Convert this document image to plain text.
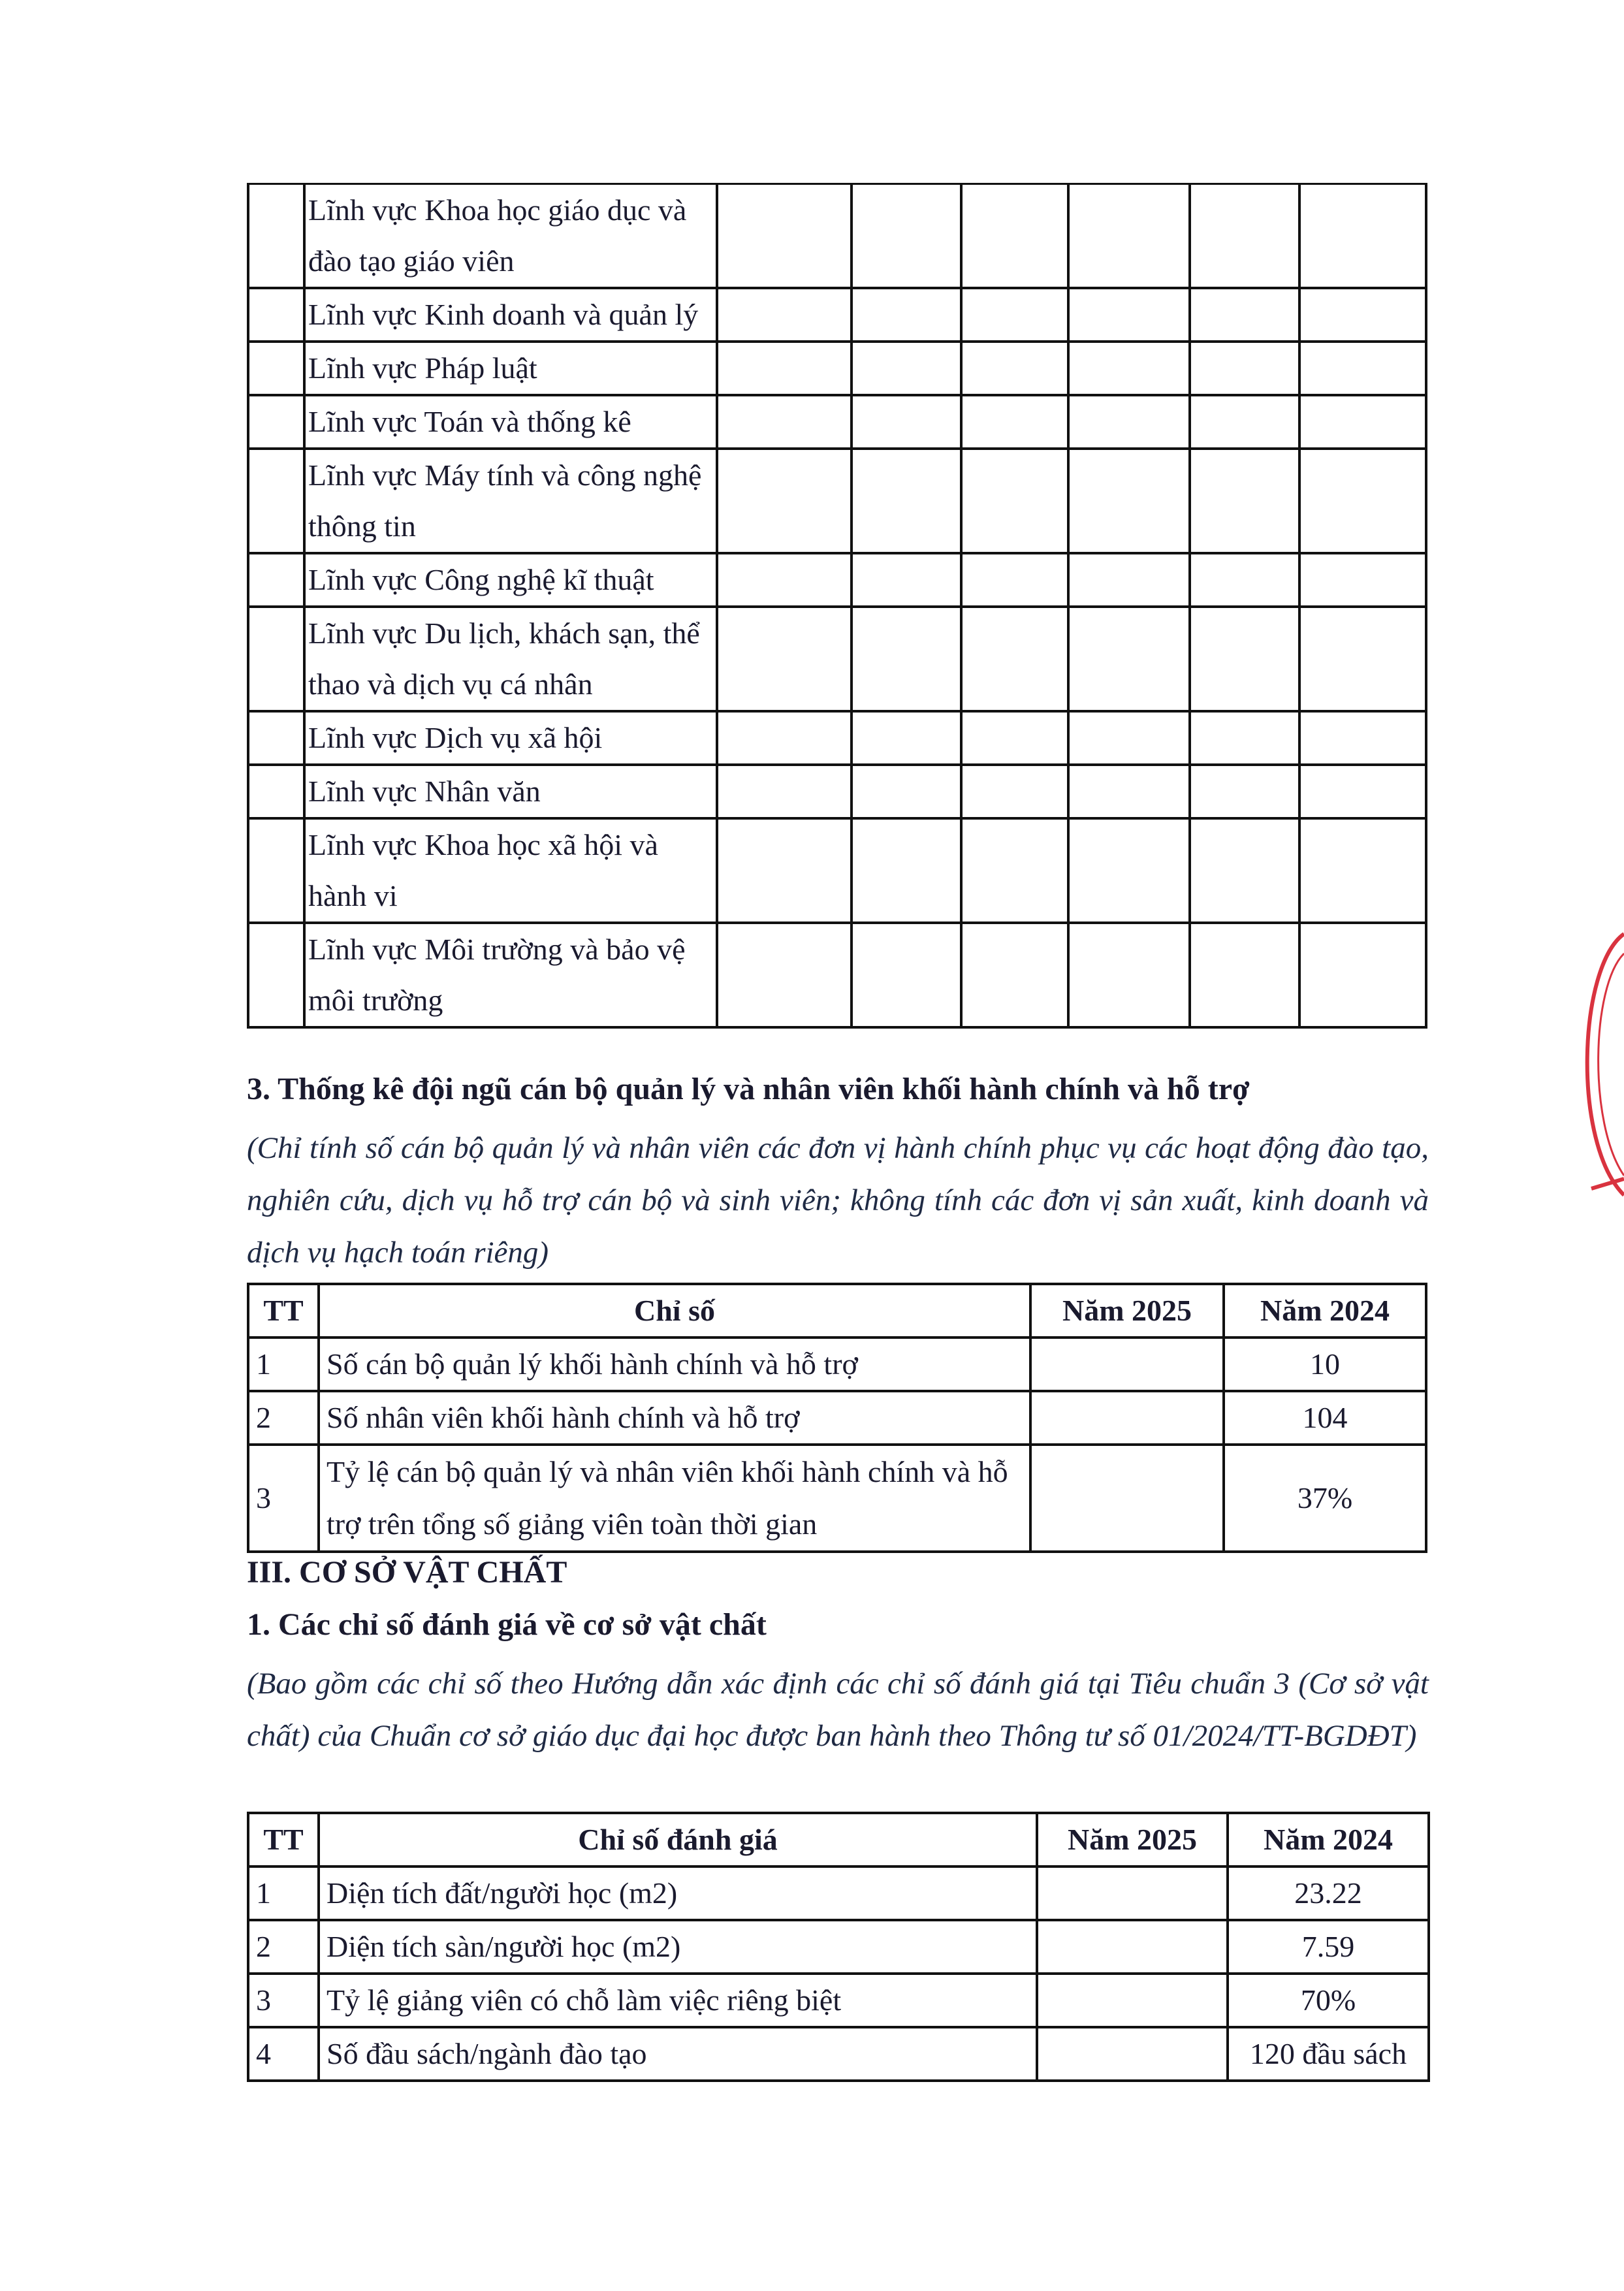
	Lĩnh vực Khoa học giáo dục và đào tạo giáo viên						
	Lĩnh vực Kinh doanh và quản lý						
	Lĩnh vực Pháp luật						
	Lĩnh vực Toán và thống kê						
	Lĩnh vực Máy tính và công nghệ thông tin						
	Lĩnh vực Công nghệ kĩ thuật						
	Lĩnh vực Du lịch, khách sạn, thể thao và dịch vụ cá nhân						
	Lĩnh vực Dịch vụ xã hội						
	Lĩnh vực Nhân văn						
	Lĩnh vực Khoa học xã hội và hành vi						
	Lĩnh vực Môi trường và bảo vệ môi trường						
3. Thống kê đội ngũ cán bộ quản lý và nhân viên khối hành chính và hỗ trợ
(Chỉ tính số cán bộ quản lý và nhân viên các đơn vị hành chính phục vụ các hoạt động đào tạo, nghiên cứu, dịch vụ hỗ trợ cán bộ và sinh viên; không tính các đơn vị sản xuất, kinh doanh và dịch vụ hạch toán riêng)
TT	Chỉ số	Năm 2025	Năm 2024
1	Số cán bộ quản lý khối hành chính và hỗ trợ		10
2	Số nhân viên khối hành chính và hỗ trợ		104
3	Tỷ lệ cán bộ quản lý và nhân viên khối hành chính và hỗ trợ trên tổng số giảng viên toàn thời gian		37%
III. CƠ SỞ VẬT CHẤT
1. Các chỉ số đánh giá về cơ sở vật chất
(Bao gồm các chỉ số theo Hướng dẫn xác định các chỉ số đánh giá tại Tiêu chuẩn 3 (Cơ sở vật chất) của Chuẩn cơ sở giáo dục đại học được ban hành theo Thông tư số 01/2024/TT-BGDĐT)
TT	Chỉ số đánh giá	Năm 2025	Năm 2024
1	Diện tích đất/người học (m2)		23.22
2	Diện tích sàn/người học (m2)		7.59
3	Tỷ lệ giảng viên có chỗ làm việc riêng biệt		70%
4	Số đầu sách/ngành đào tạo		120 đầu sách
